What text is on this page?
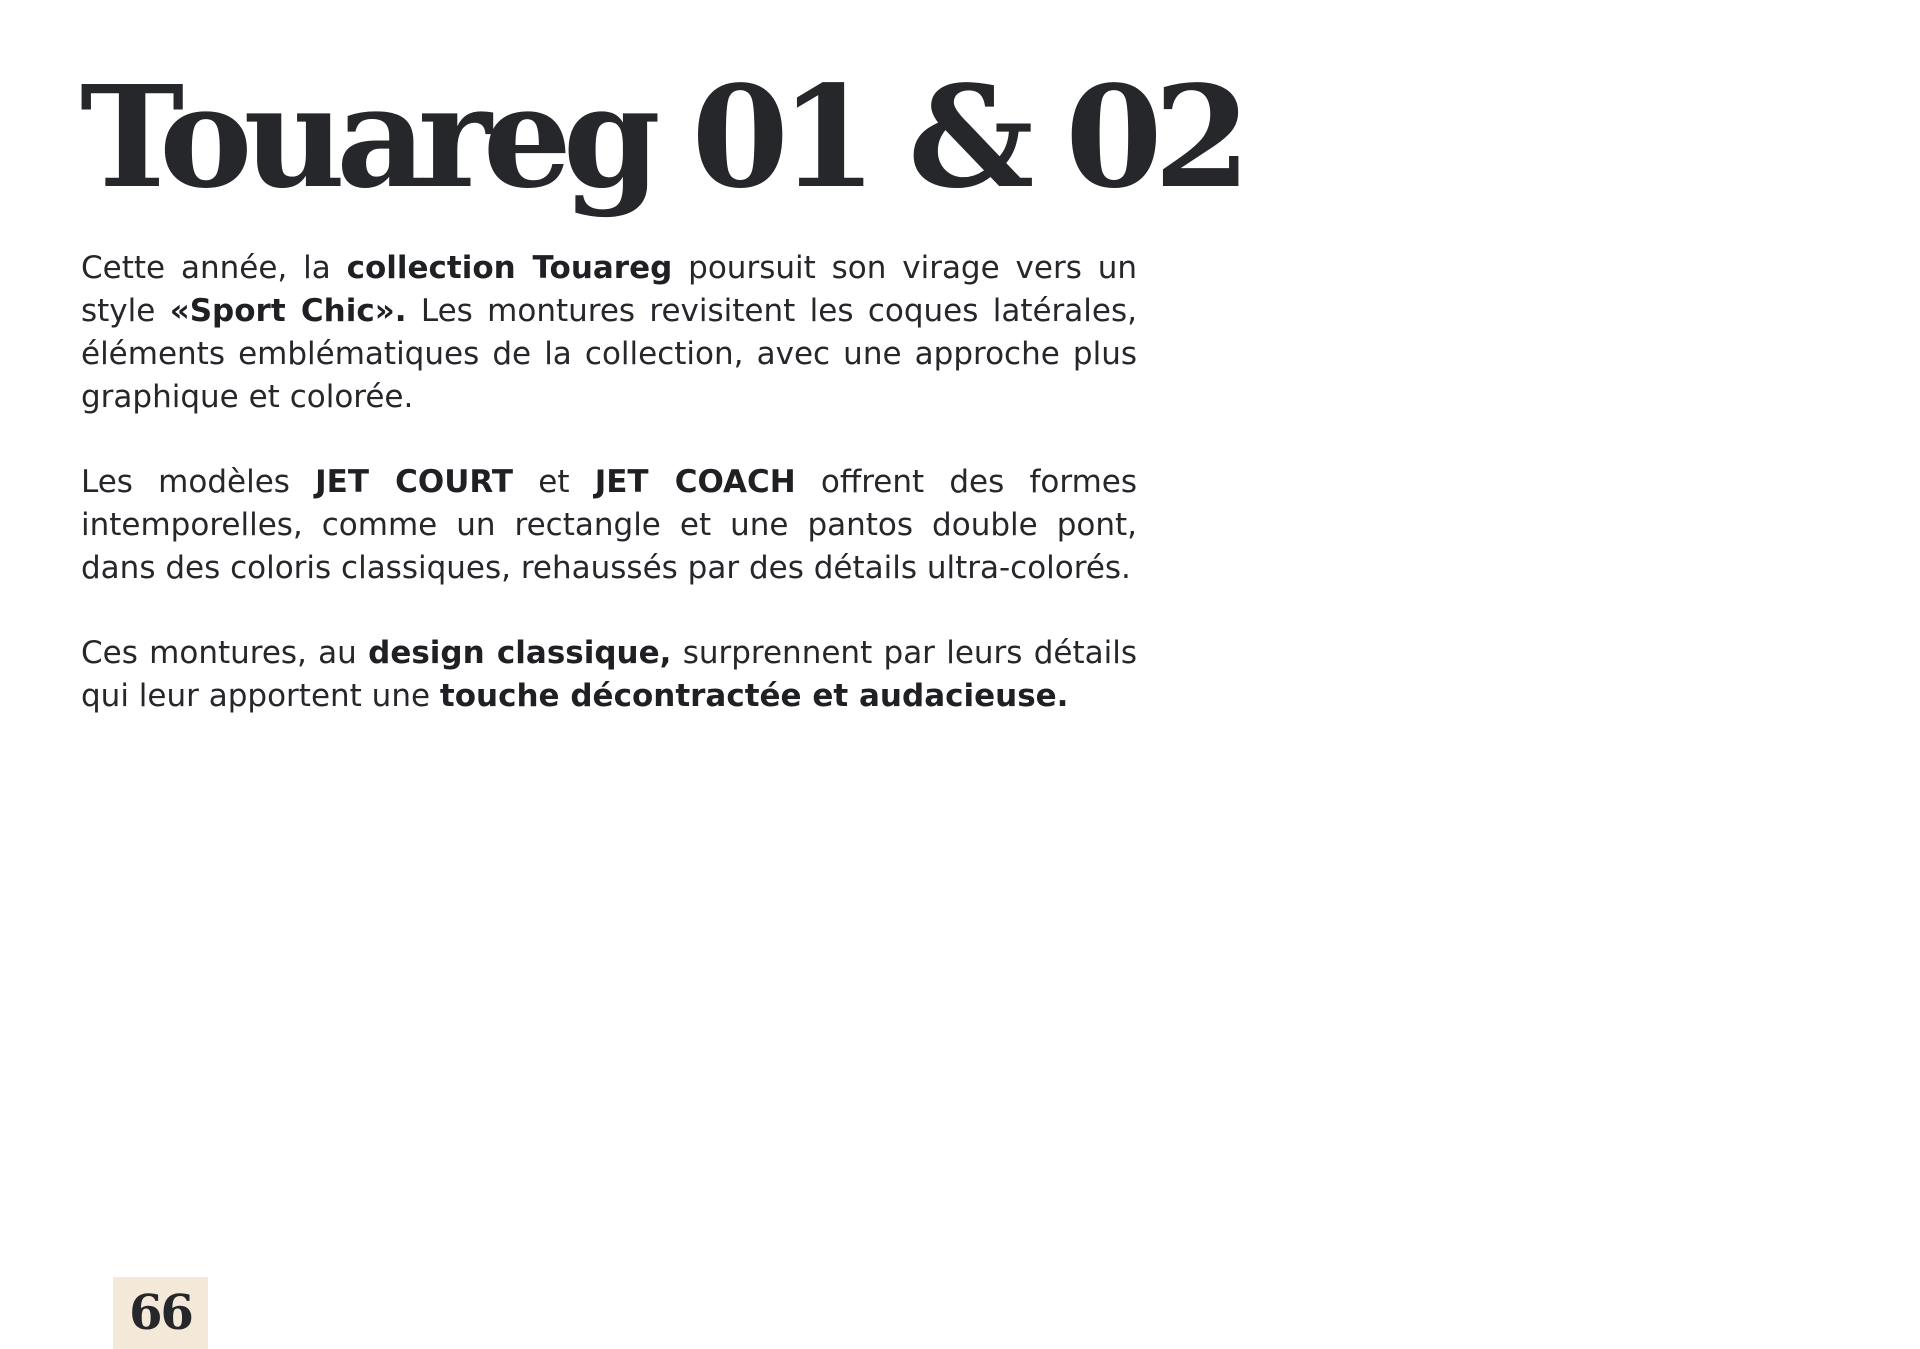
Touareg 01 & 02

Cette année, la collection Touareg poursuit son virage vers un style «Sport Chic». Les montures revisitent les coques latérales, éléments emblématiques de la collection, avec une approche plus graphique et colorée.

Les modèles JET COURT et JET COACH offrent des formes intemporelles, comme un rectangle et une pantos double pont, dans des coloris classiques, rehaussés par des détails ultra-colorés.

Ces montures, au design classique, surprennent par leurs détails qui leur apportent une touche décontractée et audacieuse.

66
